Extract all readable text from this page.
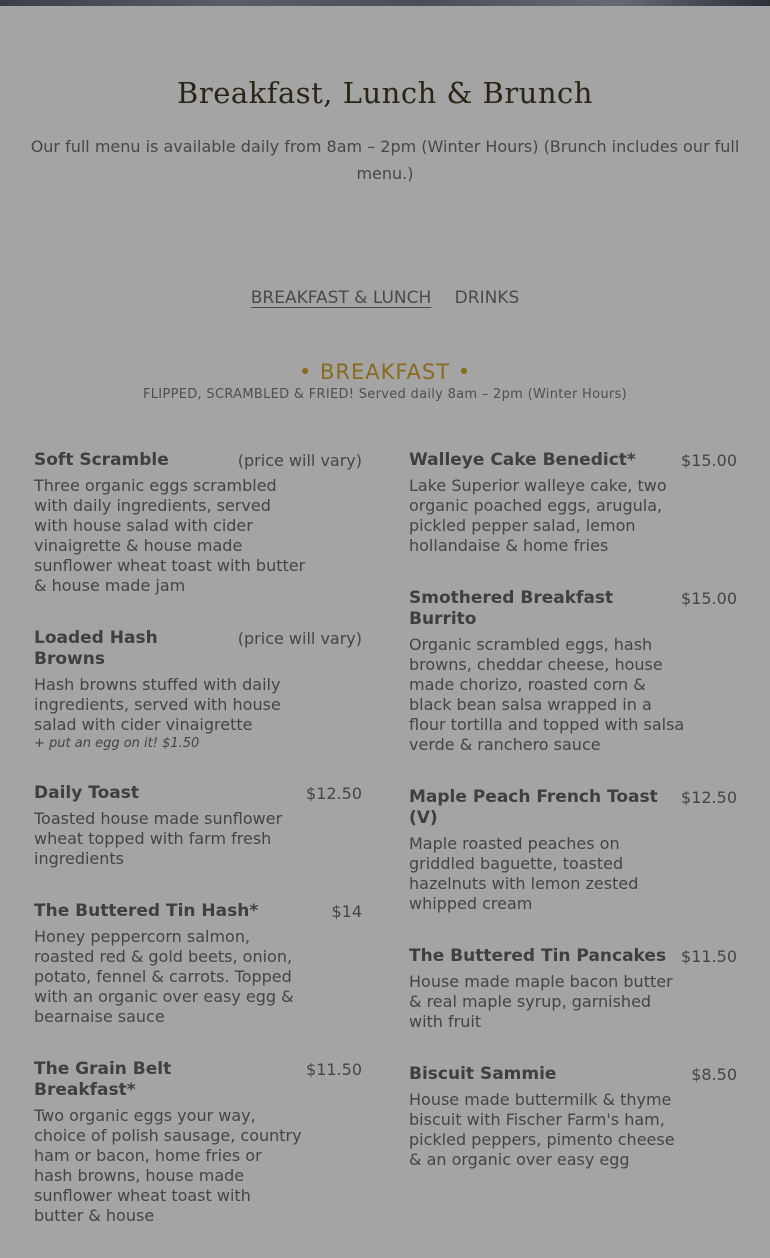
Breakfast, Lunch & Brunch
Our full menu is available daily from 8am – 2pm (Winter Hours) (Brunch includes our full menu.)
BREAKFAST & LUNCH DRINKS
• BREAKFAST •
FLIPPED, SCRAMBLED & FRIED! Served daily 8am – 2pm (Winter Hours)
Soft Scramble	(price will vary)
Three organic eggs scrambled with daily ingredients, served with house salad with cider vinaigrette & house made sunflower wheat toast with butter & house made jam
Loaded Hash Browns
(price will vary)
Hash browns stuffed with daily ingredients, served with house salad with cider vinaigrette
+ put an egg on it! $1.50
Daily Toast	$12.50
Toasted house made sunflower wheat topped with farm fresh ingredients
The Buttered Tin Hash*	$14
Honey peppercorn salmon, roasted red & gold beets, onion, potato, fennel & carrots. Topped with an organic over easy egg & bearnaise sauce
The Grain Belt Breakfast*
$11.50
Two organic eggs your way, choice of polish sausage, country ham or bacon, home fries or hash browns, house made sunflower wheat toast with butter & house
Walleye Cake Benedict*	$15.00
Lake Superior walleye cake, two organic poached eggs, arugula, pickled pepper salad, lemon hollandaise & home fries
Smothered Breakfast Burrito
$15.00
Organic scrambled eggs, hash browns, cheddar cheese, house made chorizo, roasted corn & black bean salsa wrapped in a flour tortilla and topped with salsa verde & ranchero sauce
Maple Peach French Toast (V)
$12.50
Maple roasted peaches on griddled baguette, toasted hazelnuts with lemon zested whipped cream
The Buttered Tin Pancakes $11.50
House made maple bacon butter & real maple syrup, garnished with fruit
Biscuit Sammie	$8.50
House made buttermilk & thyme biscuit with Fischer Farm's ham, pickled peppers, pimento cheese & an organic over easy egg
